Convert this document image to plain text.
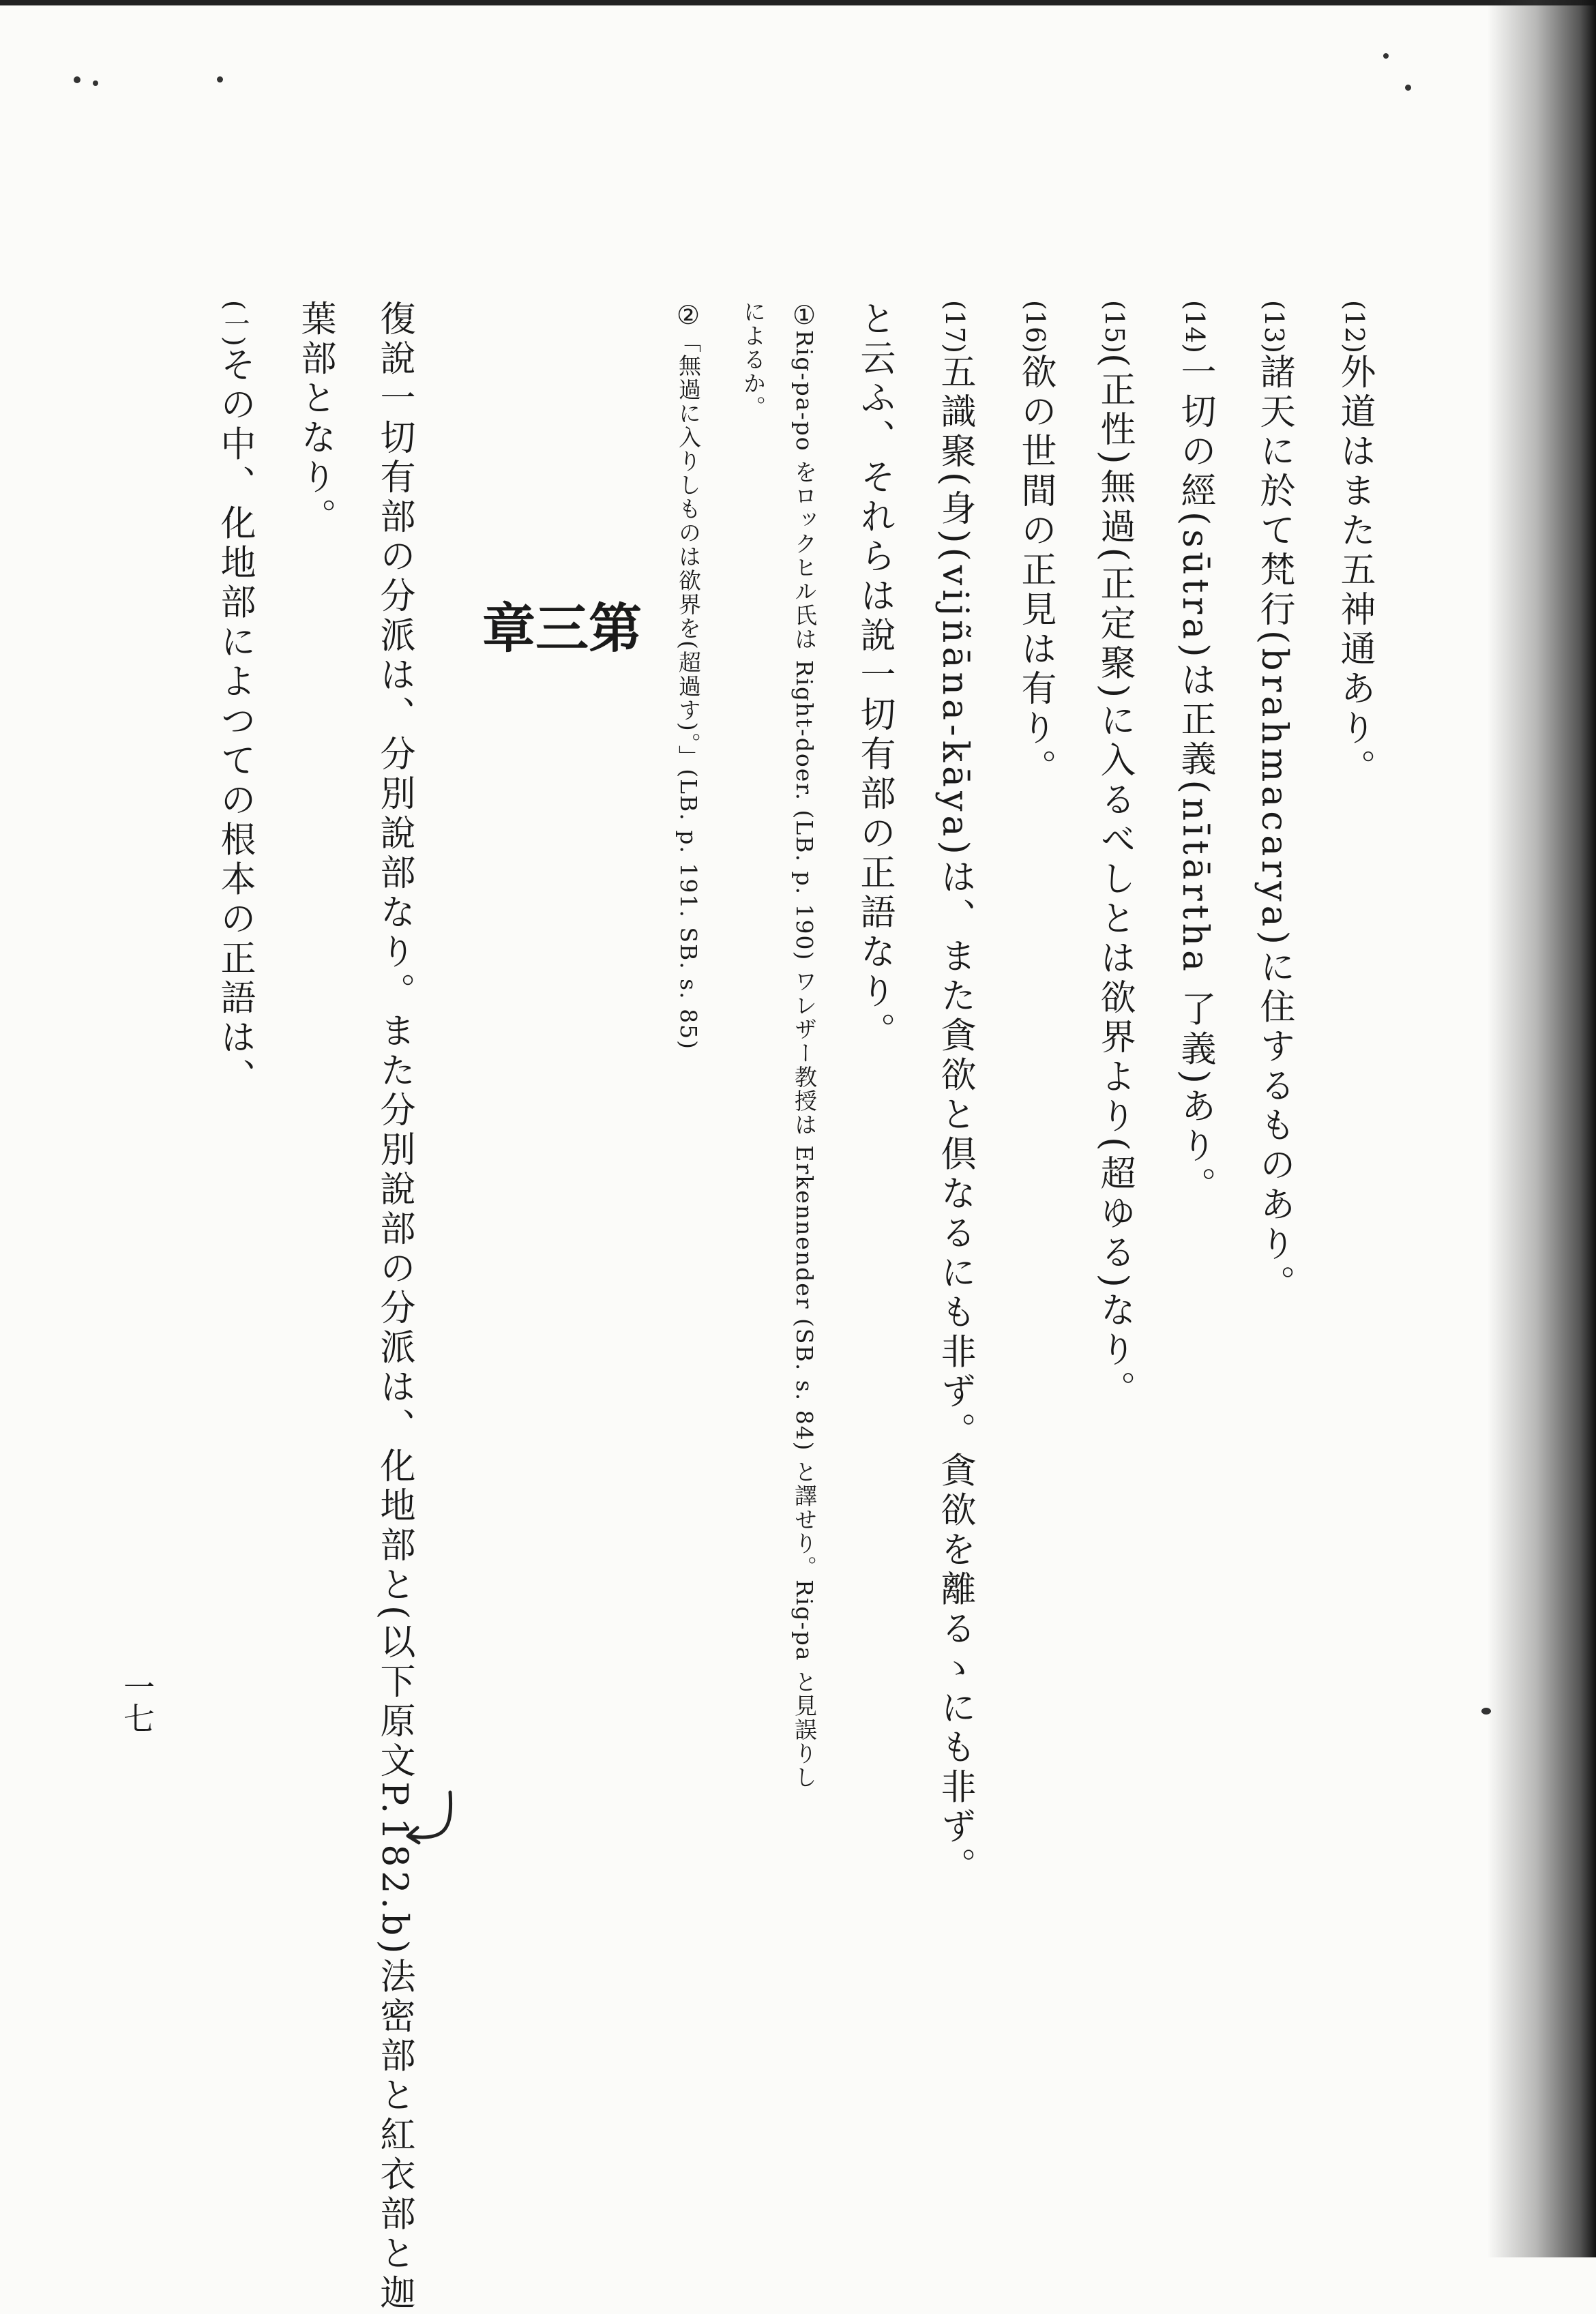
(12)外道はまた五神通あり。
(13)諸天に於て梵行(brahmacarya)に住するものあり。
(14)一切の經(sūtra)は正義(nītārtha 了義)あり。
(15)(正性)無過(正定聚)に入るべしとは欲界より(超ゆる)なり。
(16)欲の世間の正見は有り。
(17)五識聚(身)(vijñāna-kāya)は、また貪欲と倶なるにも非ず。貪欲を離るゝにも非ず。
と云ふ、それらは說一切有部の正語なり。
①Rig-pa-po をロックヒル氏は Right-doer. (LB. p. 190) ワレザー教授は Erkennender (SB. s. 84) と譯せり。Rig-pa と見誤りし
によるか。
②「無過に入りしものは欲界を(超過す)。」(LB. p. 191. SB. s. 85)
復說一切有部の分派は、分別說部なり。また分別說部の分派は、化地部と(以下原文P.182.b)法密部と紅衣部と迦
葉部となり。
(一)その中、化地部によつての根本の正語は、	第
三
章
一七
